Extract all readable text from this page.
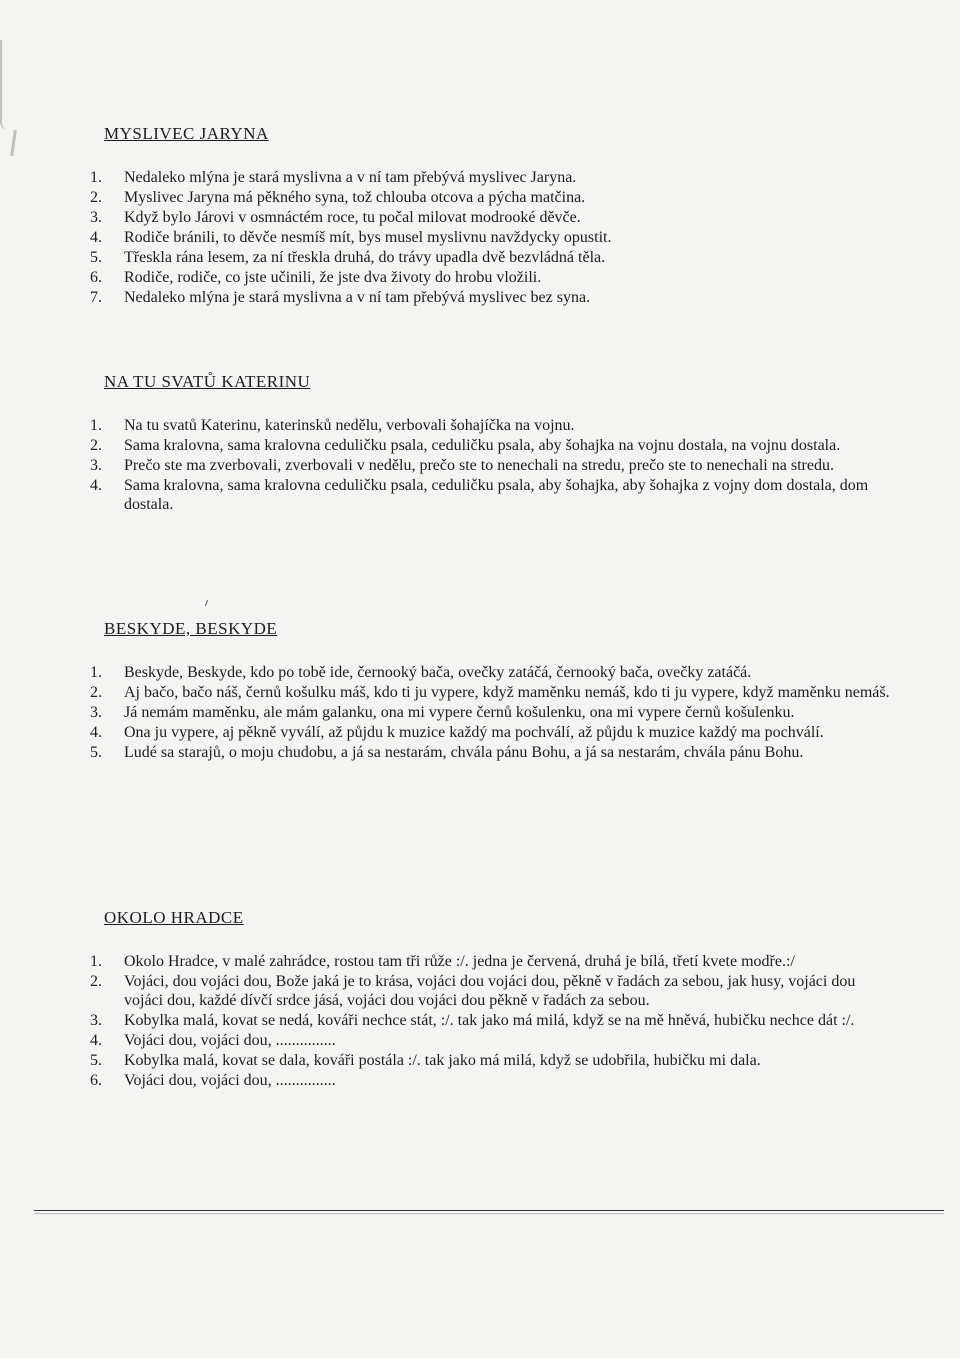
MYSLIVEC JARYNA
1.	Nedaleko mlýna je stará myslivna a v ní tam přebývá myslivec Jaryna.
2.	Myslivec Jaryna má pěkného syna, tož chlouba otcova a pýcha matčina.
3.	Když bylo Járovi v osmnáctém roce, tu počal milovat modrooké děvče.
4.	Rodiče bránili, to děvče nesmíš mít, bys musel myslivnu navždycky opustit.
5.	Třeskla rána lesem, za ní třeskla druhá, do trávy upadla dvě bezvládná těla.
6.	Rodiče, rodiče, co jste učinili, že jste dva životy do hrobu vložili.
7.	Nedaleko mlýna je stará myslivna a v ní tam přebývá myslivec bez syna.
NA TU SVATŮ KATERINU
1.	Na tu svatů Katerinu, katerinsků nedělu, verbovali šohajíčka na vojnu.
2.	Sama kralovna, sama kralovna ceduličku psala, ceduličku psala, aby šohajka na vojnu dostala, na vojnu dostala.
3.	Prečo ste ma zverbovali, zverbovali v nedělu, prečo ste to nenechali na stredu, prečo ste to nenechali na stredu.
4.	Sama kralovna, sama kralovna ceduličku psala, ceduličku psala, aby šohajka, aby šohajka z vojny dom dostala, dom dostala.
BESKYDE, BESKYDE
1.	Beskyde, Beskyde, kdo po tobě ide, černooký bača, ovečky zatáčá, černooký bača, ovečky zatáčá.
2.	Aj bačo, bačo náš, černů košulku máš, kdo ti ju vypere, když maměnku nemáš, kdo ti ju vypere, když maměnku nemáš.
3.	Já nemám maměnku, ale mám galanku, ona mi vypere černů košulenku, ona mi vypere černů košulenku.
4.	Ona ju vypere, aj pěkně vyválí, až půjdu k muzice každý ma pochválí, až půjdu k muzice každý ma pochválí.
5.	Ludé sa starajů, o moju chudobu, a já sa nestarám, chvála pánu Bohu, a já sa nestarám, chvála pánu Bohu.
OKOLO HRADCE
1.	Okolo Hradce, v malé zahrádce, rostou tam tři růže :/. jedna je červená, druhá je bílá, třetí kvete modře.:/
2.	Vojáci, dou vojáci dou, Bože jaká je to krása, vojáci dou vojáci dou, pěkně v řadách za sebou, jak husy, vojáci dou vojáci dou, každé dívčí srdce jásá, vojáci dou vojáci dou pěkně v řadách za sebou.
3.	Kobylka malá, kovat se nedá, kováři nechce stát, :/. tak jako má milá, když se na mě hněvá, hubičku nechce dát :/.
4.	Vojáci dou, vojáci dou, ...............
5.	Kobylka malá, kovat se dala, kováři postála :/. tak jako má milá, když se udobřila, hubičku mi dala.
6.	Vojáci dou, vojáci dou, ...............
